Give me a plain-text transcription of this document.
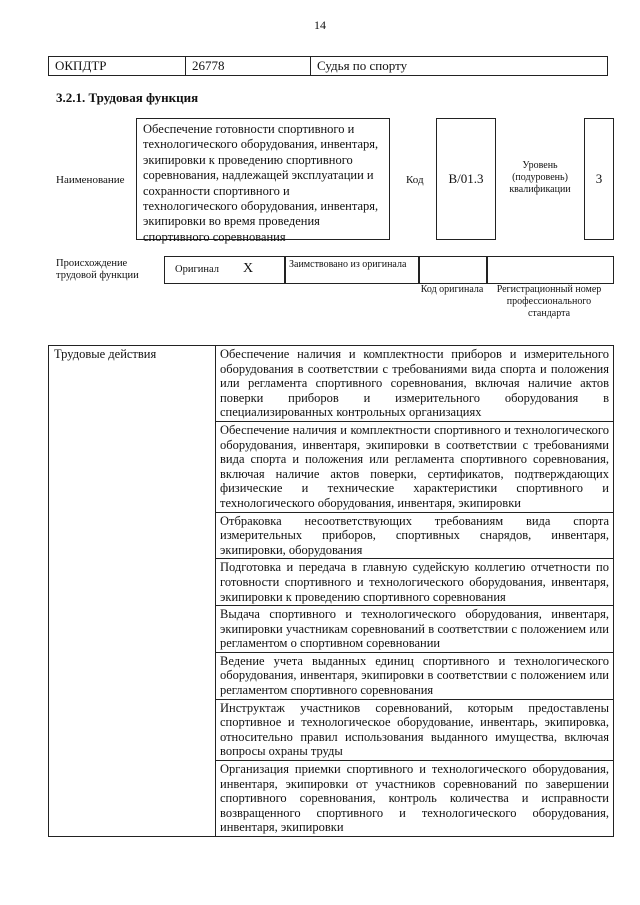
14
ОКПДТР	26778	Судья по спорту
3.2.1. Трудовая функция
Наименование
Обеспечение готовности спортивного и технологического оборудования, инвентаря, экипировки к проведению спортивного соревнования, надлежащей эксплуатации и сохранности спортивного и технологического оборудования, инвентаря, экипировки во время проведения спортивного соревнования
Код	B/01.3
Уровень (подуровень) квалификации
3
Происхождение трудовой функции
Оригинал X	Заимствовано из оригинала
Код оригинала Регистрационный номер профессионального стандарта
Трудовые действия	Обеспечение наличия и комплектности приборов и измерительного оборудования в соответствии с требованиями вида спорта и положения или регламента спортивного соревнования, включая наличие актов поверки приборов и измерительного оборудования в специализированных контрольных организациях
Обеспечение наличия и комплектности спортивного и технологического оборудования, инвентаря, экипировки в соответствии с требованиями вида спорта и положения или регламента спортивного соревнования, включая наличие актов поверки, сертификатов, подтверждающих физические и технические характеристики спортивного и технологического оборудования, инвентаря, экипировки
Отбраковка несоответствующих требованиям вида спорта измерительных приборов, спортивных снарядов, инвентаря, экипировки, оборудования
Подготовка и передача в главную судейскую коллегию отчетности по готовности спортивного и технологического оборудования, инвентаря, экипировки к проведению спортивного соревнования
Выдача спортивного и технологического оборудования, инвентаря, экипировки участникам соревнований в соответствии с положением или регламентом о спортивном соревновании
Ведение учета выданных единиц спортивного и технологического оборудования, инвентаря, экипировки в соответствии с положением или регламентом спортивного соревнования
Инструктаж участников соревнований, которым предоставлены спортивное и технологическое оборудование, инвентарь, экипировка, относительно правил использования выданного имущества, включая вопросы охраны труды
Организация приемки спортивного и технологического оборудования, инвентаря, экипировки от участников соревнований по завершении спортивного соревнования, контроль количества и исправности возвращенного спортивного и технологического оборудования, инвентаря, экипировки
